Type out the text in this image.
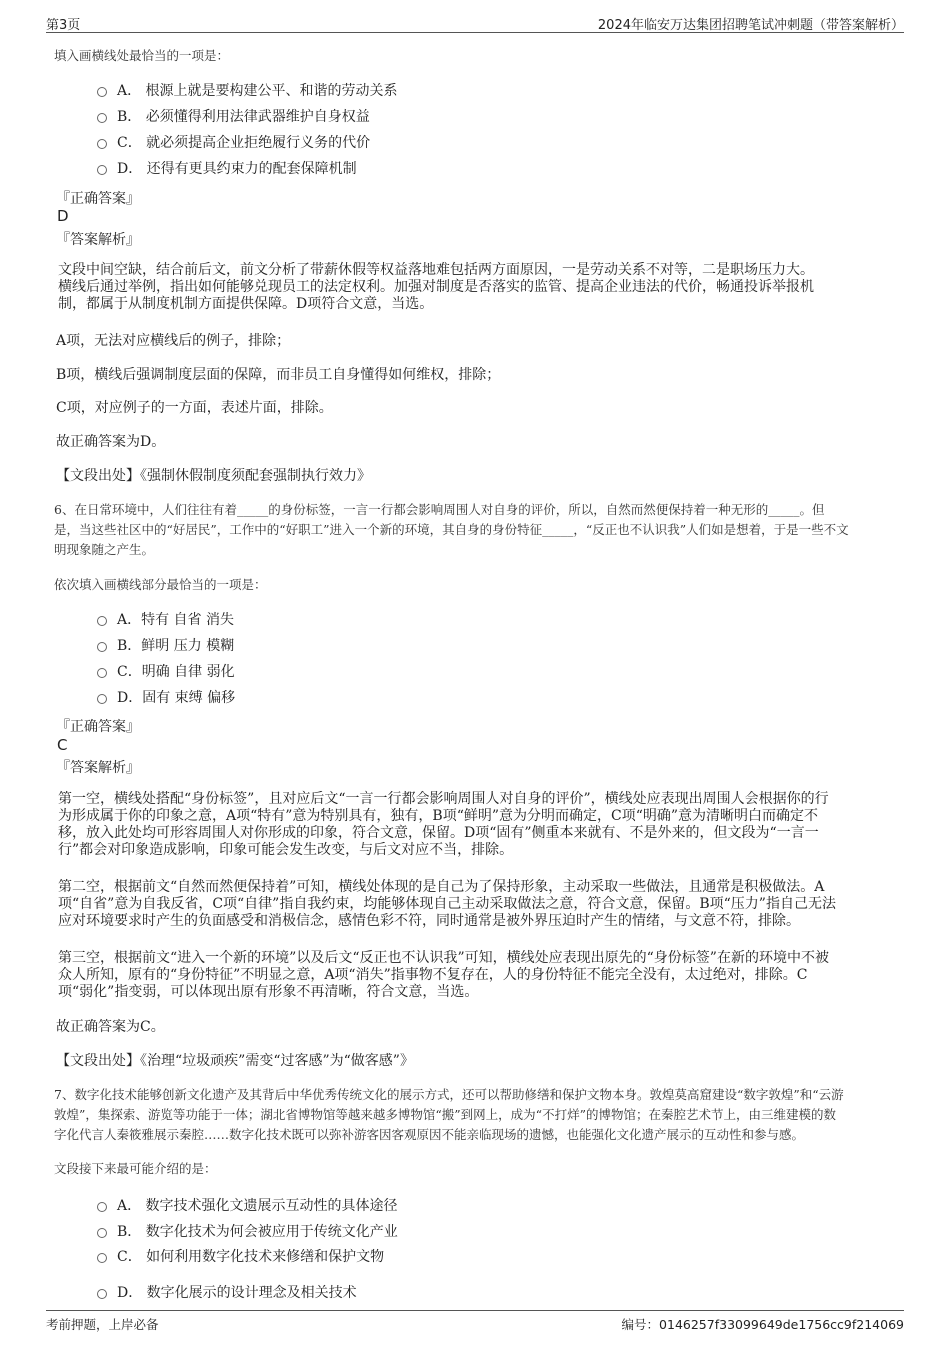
第3页	2024年临安万达集团招聘笔试冲刺题（带答案解析）
填入画横线处最恰当的一项是：
A． 根源上就是要构建公平、和谐的劳动关系
B． 必须懂得利用法律武器维护自身权益
C． 就必须提高企业拒绝履行义务的代价
D． 还得有更具约束力的配套保障机制
『正确答案』
D
『答案解析』
文段中间空缺，结合前后文，前文分析了带薪休假等权益落地难包括两方面原因，一是劳动关系不对等，二是职场压力大。
横线后通过举例，指出如何能够兑现员工的法定权利。加强对制度是否落实的监管、提高企业违法的代价，畅通投诉举报机
制，都属于从制度机制方面提供保障。D项符合文意，当选。
A项，无法对应横线后的例子，排除；
B项，横线后强调制度层面的保障，而非员工自身懂得如何维权，排除；
C项，对应例子的一方面，表述片面，排除。
故正确答案为D。
【文段出处】《强制休假制度须配套强制执行效力》
6、在日常环境中，人们往往有着_____的身份标签，一言一行都会影响周围人对自身的评价，所以，自然而然便保持着一种无形的_____。但
是，当这些社区中的“好居民”，工作中的“好职工”进入一个新的环境，其自身的身份特征_____，“反正也不认识我”人们如是想着，于是一些不文
明现象随之产生。
依次填入画横线部分最恰当的一项是：
A．特有 自省 消失
B．鲜明 压力 模糊
C．明确 自律 弱化
D．固有 束缚 偏移
『正确答案』
C
『答案解析』
第一空，横线处搭配“身份标签”，且对应后文“一言一行都会影响周围人对自身的评价”，横线处应表现出周围人会根据你的行
为形成属于你的印象之意，A项“特有”意为特别具有，独有，B项“鲜明”意为分明而确定，C项“明确”意为清晰明白而确定不
移，放入此处均可形容周围人对你形成的印象，符合文意，保留。D项“固有”侧重本来就有、不是外来的，但文段为“一言一
行”都会对印象造成影响，印象可能会发生改变，与后文对应不当，排除。
第二空，根据前文“自然而然便保持着”可知，横线处体现的是自己为了保持形象，主动采取一些做法，且通常是积极做法。A
项“自省”意为自我反省，C项“自律”指自我约束，均能够体现自己主动采取做法之意，符合文意，保留。B项“压力”指自己无法
应对环境要求时产生的负面感受和消极信念，感情色彩不符，同时通常是被外界压迫时产生的情绪，与文意不符，排除。
第三空，根据前文“进入一个新的环境”以及后文“反正也不认识我”可知，横线处应表现出原先的“身份标签”在新的环境中不被
众人所知，原有的“身份特征”不明显之意，A项“消失”指事物不复存在，人的身份特征不能完全没有，太过绝对，排除。C
项“弱化”指变弱，可以体现出原有形象不再清晰，符合文意，当选。
故正确答案为C。
【文段出处】《治理“垃圾顽疾”需变“过客感”为“做客感”》
7、数字化技术能够创新文化遗产及其背后中华优秀传统文化的展示方式，还可以帮助修缮和保护文物本身。敦煌莫高窟建设“数字敦煌”和“云游
敦煌”，集探索、游览等功能于一体；湖北省博物馆等越来越多博物馆“搬”到网上，成为“不打烊”的博物馆；在秦腔艺术节上，由三维建模的数
字化代言人秦筱雅展示秦腔……数字化技术既可以弥补游客因客观原因不能亲临现场的遗憾，也能强化文化遗产展示的互动性和参与感。
文段接下来最可能介绍的是：
A． 数字技术强化文遗展示互动性的具体途径
B． 数字化技术为何会被应用于传统文化产业
C． 如何利用数字化技术来修缮和保护文物
D． 数字化展示的设计理念及相关技术
考前押题，上岸必备	编号：0146257f33099649de1756cc9f214069
